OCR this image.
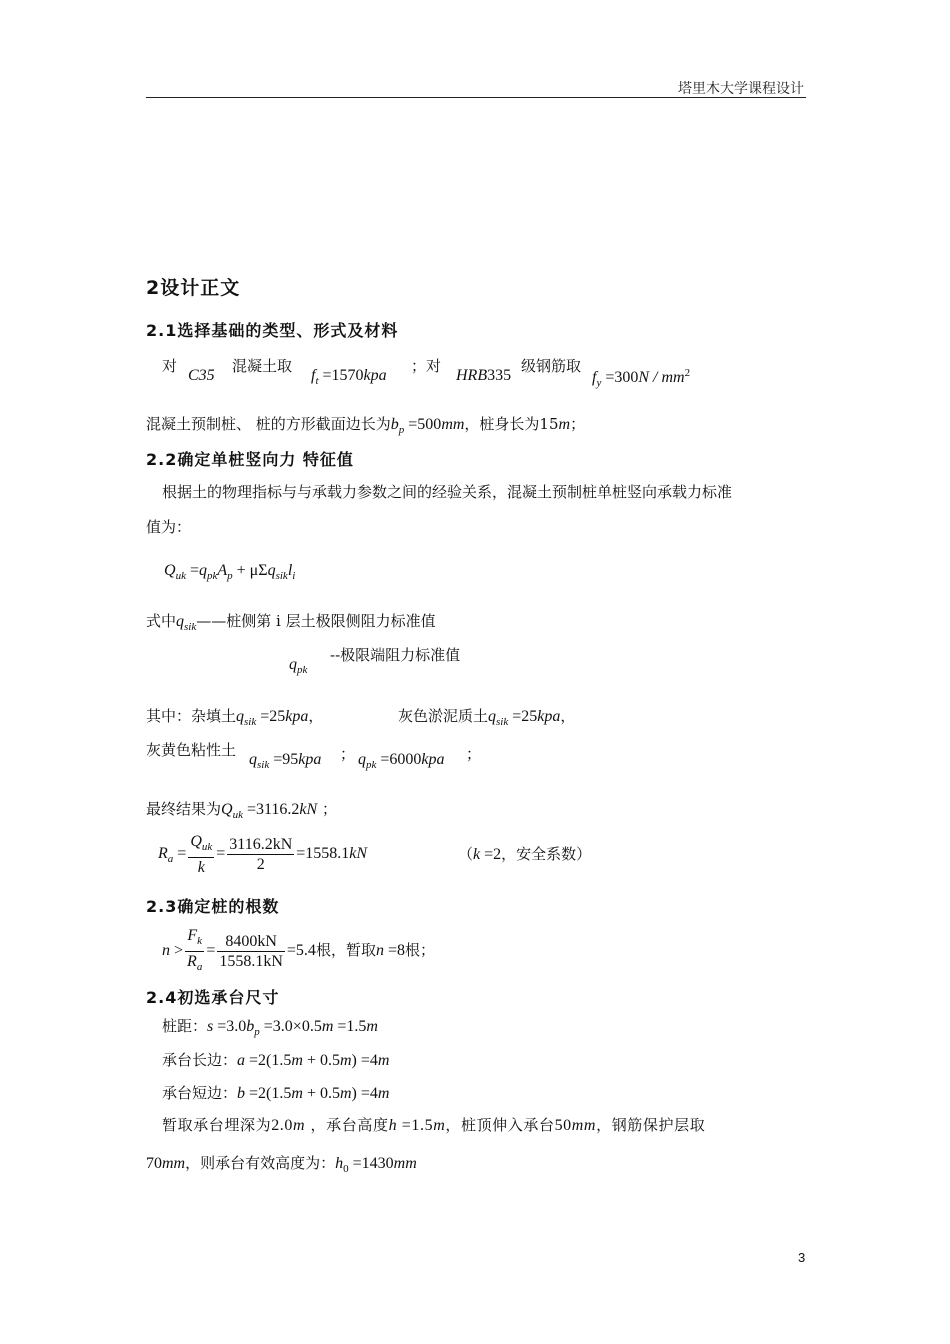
塔里木大学课程设计
2设计正文
2.1选择基础的类型、形式及材料
对
C35
混凝土取
$f_t =1570kpa$
；对
HRB335
级钢筋取
$f_y =300N / mm^2$
混凝土预制桩、 桩的方形截面边长为$b_p =500mm$，桩身长为15m；
2.2确定单桩竖向力 特征值
根据土的物理指标与与承载力参数之间的经验关系，混凝土预制桩单桩竖向承载力标准
值为：
$Q_{uk} =q_{pk}A_p + \mu\Sigma q_{sik}l_i$
式中$q_{sik}——$桩侧第 i 层土极限侧阻力标准值
$q_{pk}$
--极限端阻力标准值
其中：杂填土$q_{sik} =25kpa$，	灰色淤泥质土$q_{sik} =25kpa$，
灰黄色粘性土
$q_{sik} =95kpa$ ； $q_{pk} =6000kpa$ ；
最终结果为$Q_{uk} =3116.2kN$ ；
$R_a = \frac{Q_{uk}}{k} = \frac{3116.2kN}{2} =1558.1kN$	（k =2，安全系数）
2.3确定桩的根数
$n > \frac{F_k}{R_a} = \frac{8400kN}{1558.1kN} =5.4$根，暂取n =8根；
2.4初选承台尺寸
桩距：$s =3.0b_p =3.0\times 0.5m =1.5m$
承台长边：a =2(1.5m + 0.5m) =4m
承台短边：b =2(1.5m + 0.5m) =4m
暂取承台埋深为2.0m ，承台高度h =1.5m，桩顶伸入承台50mm，钢筋保护层取
70mm，则承台有效高度为：$h_0 =1430mm$
3
